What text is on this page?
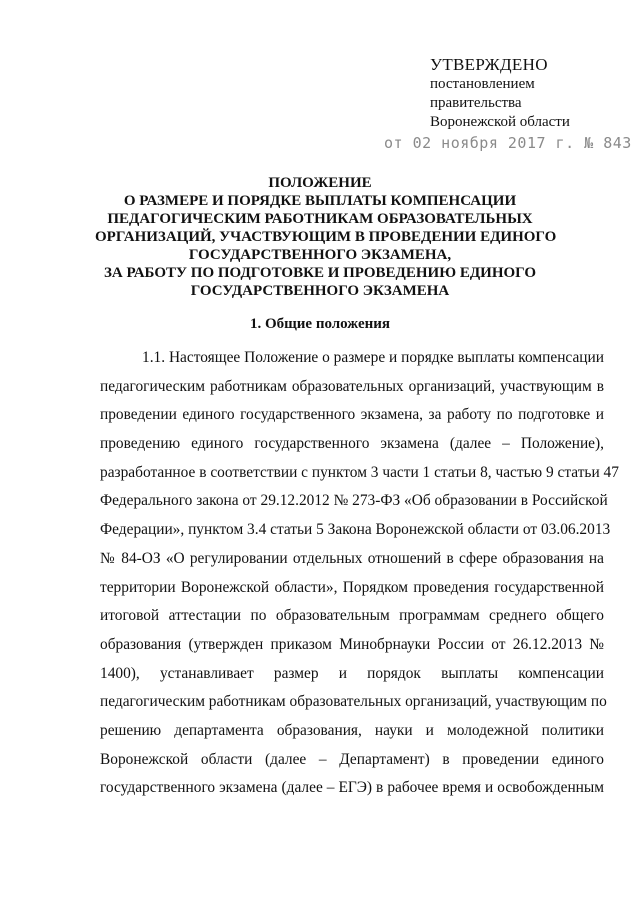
УТВЕРЖДЕНО
постановлением
правительства
Воронежской области
от 02 ноября 2017 г. № 843
ПОЛОЖЕНИЕ
О РАЗМЕРЕ И ПОРЯДКЕ ВЫПЛАТЫ КОМПЕНСАЦИИ
ПЕДАГОГИЧЕСКИМ РАБОТНИКАМ ОБРАЗОВАТЕЛЬНЫХ
ОРГАНИЗАЦИЙ, УЧАСТВУЮЩИМ В ПРОВЕДЕНИИ ЕДИНОГО
ГОСУДАРСТВЕННОГО ЭКЗАМЕНА,
ЗА РАБОТУ ПО ПОДГОТОВКЕ И ПРОВЕДЕНИЮ ЕДИНОГО
ГОСУДАРСТВЕННОГО ЭКЗАМЕНА
1. Общие положения
1.1. Настоящее Положение о размере и порядке выплаты компенсации
педагогическим работникам образовательных организаций, участвующим в
проведении единого государственного экзамена, за работу по подготовке и
проведению единого государственного экзамена (далее – Положение),
разработанное в соответствии с пунктом 3 части 1 статьи 8, частью 9 статьи 47
Федерального закона от 29.12.2012 № 273-ФЗ «Об образовании в Российской
Федерации», пунктом 3.4 статьи 5 Закона Воронежской области от 03.06.2013
№ 84-ОЗ «О регулировании отдельных отношений в сфере образования на
территории Воронежской области», Порядком проведения государственной
итоговой аттестации по образовательным программам среднего общего
образования (утвержден приказом Минобрнауки России от 26.12.2013 №
1400), устанавливает размер и порядок выплаты компенсации
педагогическим работникам образовательных организаций, участвующим по
решению департамента образования, науки и молодежной политики
Воронежской области (далее – Департамент) в проведении единого
государственного экзамена (далее – ЕГЭ) в рабочее время и освобожденным
